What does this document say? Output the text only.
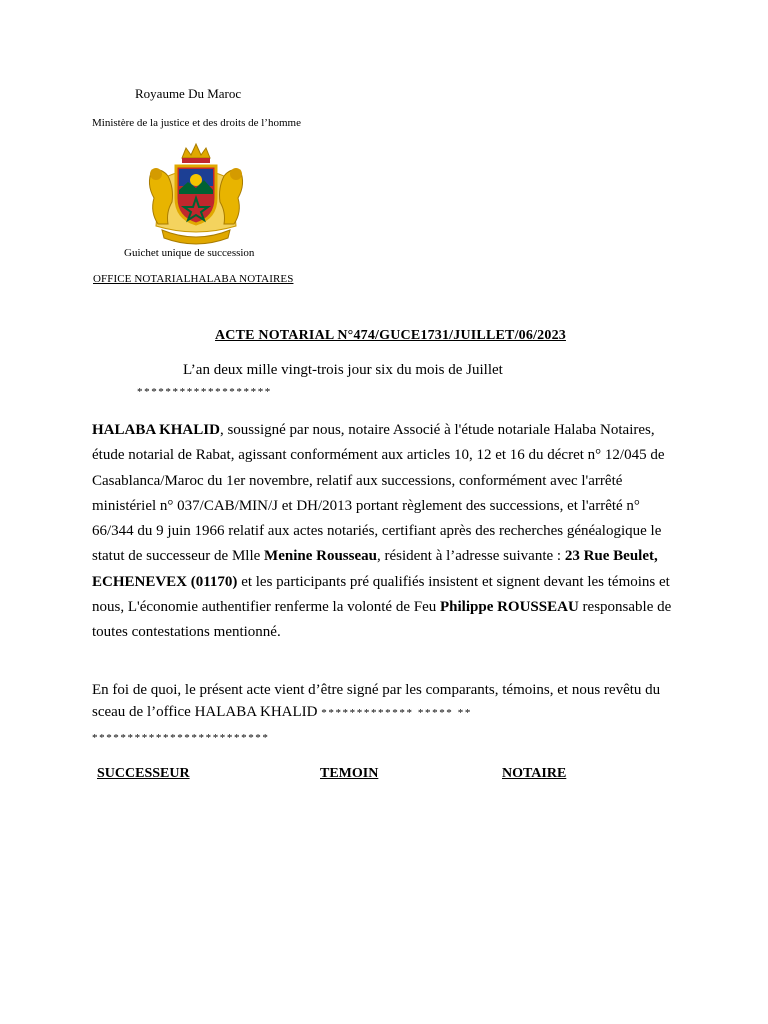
Royaume Du Maroc
Ministère de la justice et des droits de l’homme
Guichet unique de succession
OFFICE NOTARIALHALABA NOTAIRES
ACTE NOTARIAL N°474/GUCE1731/JUILLET/06/2023
L’an deux mille vingt-trois jour six du mois de Juillet
*******************

HALABA KHALID, soussigné par nous, notaire Associé à l'étude notariale Halaba Notaires, étude notarial de Rabat, agissant conformément aux articles 10, 12 et 16 du décret n° 12/045 de Casablanca/Maroc du 1er novembre, relatif aux successions, conformément avec l'arrêté ministériel n° 037/CAB/MIN/J et DH/2013 portant règlement des successions, et l'arrêté n° 66/344 du 9 juin 1966 relatif aux actes notariés, certifiant après des recherches généalogique le statut de successeur de Mlle Menine Rousseau, résident à l’adresse suivante : 23 Rue Beulet, ECHENEVEX (01170) et les participants pré qualifiés insistent et signent devant les témoins et nous, L'économie authentifier renferme la volonté de Feu Philippe ROUSSEAU responsable de toutes contestations mentionné.

En foi de quoi, le présent acte vient d’être signé par les comparants, témoins, et nous revêtu du sceau de l’office HALABA KHALID ************* ***** **
*************************
SUCCESSEUR	TEMOIN	NOTAIRE
